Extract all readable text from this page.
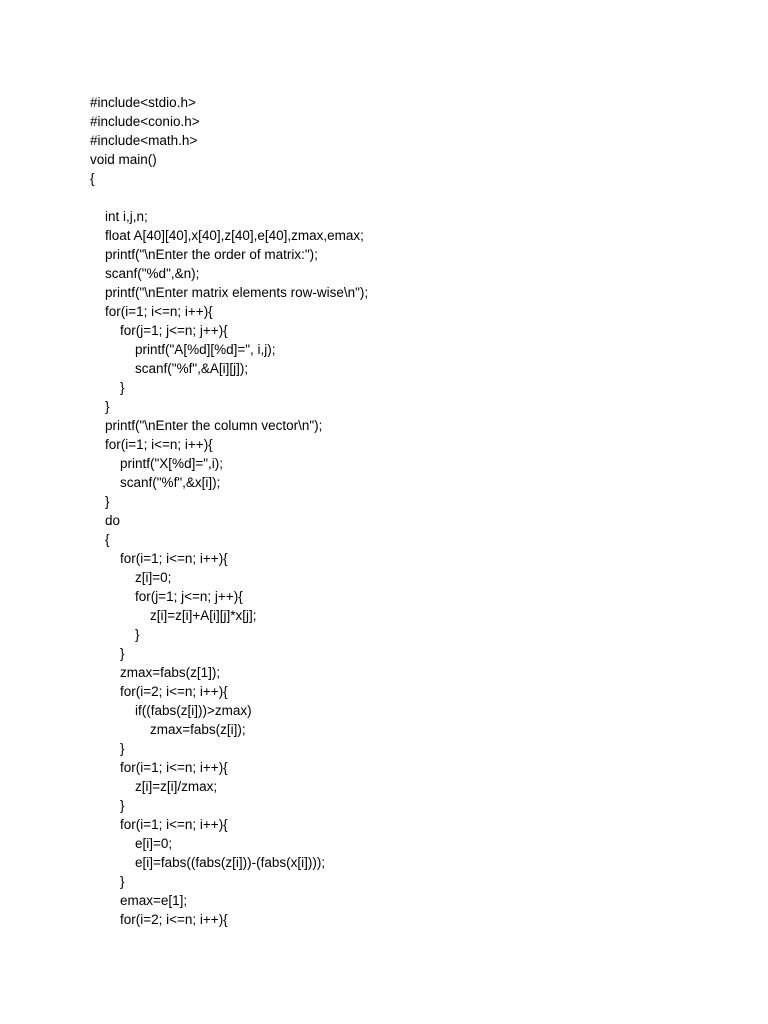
#include<stdio.h>
#include<conio.h>
#include<math.h>
void main()
{
int i,j,n;
float A[40][40],x[40],z[40],e[40],zmax,emax;
printf("\nEnter the order of matrix:");
scanf("%d",&n);
printf("\nEnter matrix elements row-wise\n");
for(i=1; i<=n; i++){
for(j=1; j<=n; j++){
printf("A[%d][%d]=", i,j);
scanf("%f",&A[i][j]);
}
}
printf("\nEnter the column vector\n");
for(i=1; i<=n; i++){
printf("X[%d]=",i);
scanf("%f",&x[i]);
}
do
{
for(i=1; i<=n; i++){
z[i]=0;
for(j=1; j<=n; j++){
z[i]=z[i]+A[i][j]*x[j];
}
}
zmax=fabs(z[1]);
for(i=2; i<=n; i++){
if((fabs(z[i]))>zmax)
zmax=fabs(z[i]);
}
for(i=1; i<=n; i++){
z[i]=z[i]/zmax;
}
for(i=1; i<=n; i++){
e[i]=0;
e[i]=fabs((fabs(z[i]))-(fabs(x[i])));
}
emax=e[1];
for(i=2; i<=n; i++){
